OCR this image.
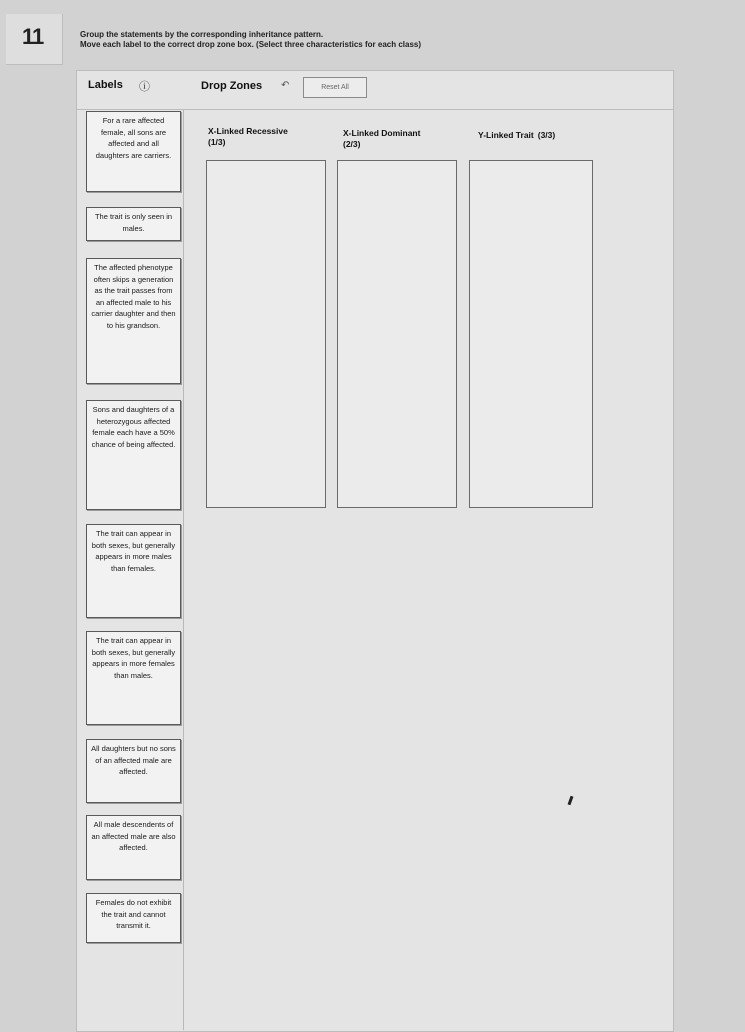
11	Group the statements by the corresponding inheritance pattern.
Move each label to the correct drop zone box. (Select three characteristics for each class)
Labels ⓘ	Drop Zones ↶	Reset All
For a rare affected female, all sons are affected and all daughters are carriers.
The trait is only seen in males.
The affected phenotype often skips a generation as the trait passes from an affected male to his carrier daughter and then to his grandson.
Sons and daughters of a heterozygous affected female each have a 50% chance of being affected.
The trait can appear in both sexes, but generally appears in more males than females.
The trait can appear in both sexes, but generally appears in more females than males.
All daughters but no sons of an affected male are affected.
All male descendents of an affected male are also affected.
Females do not exhibit the trait and cannot transmit it.
X-Linked Recessive
(1/3)
X-Linked Dominant
(2/3)
Y-Linked Trait (3/3)
